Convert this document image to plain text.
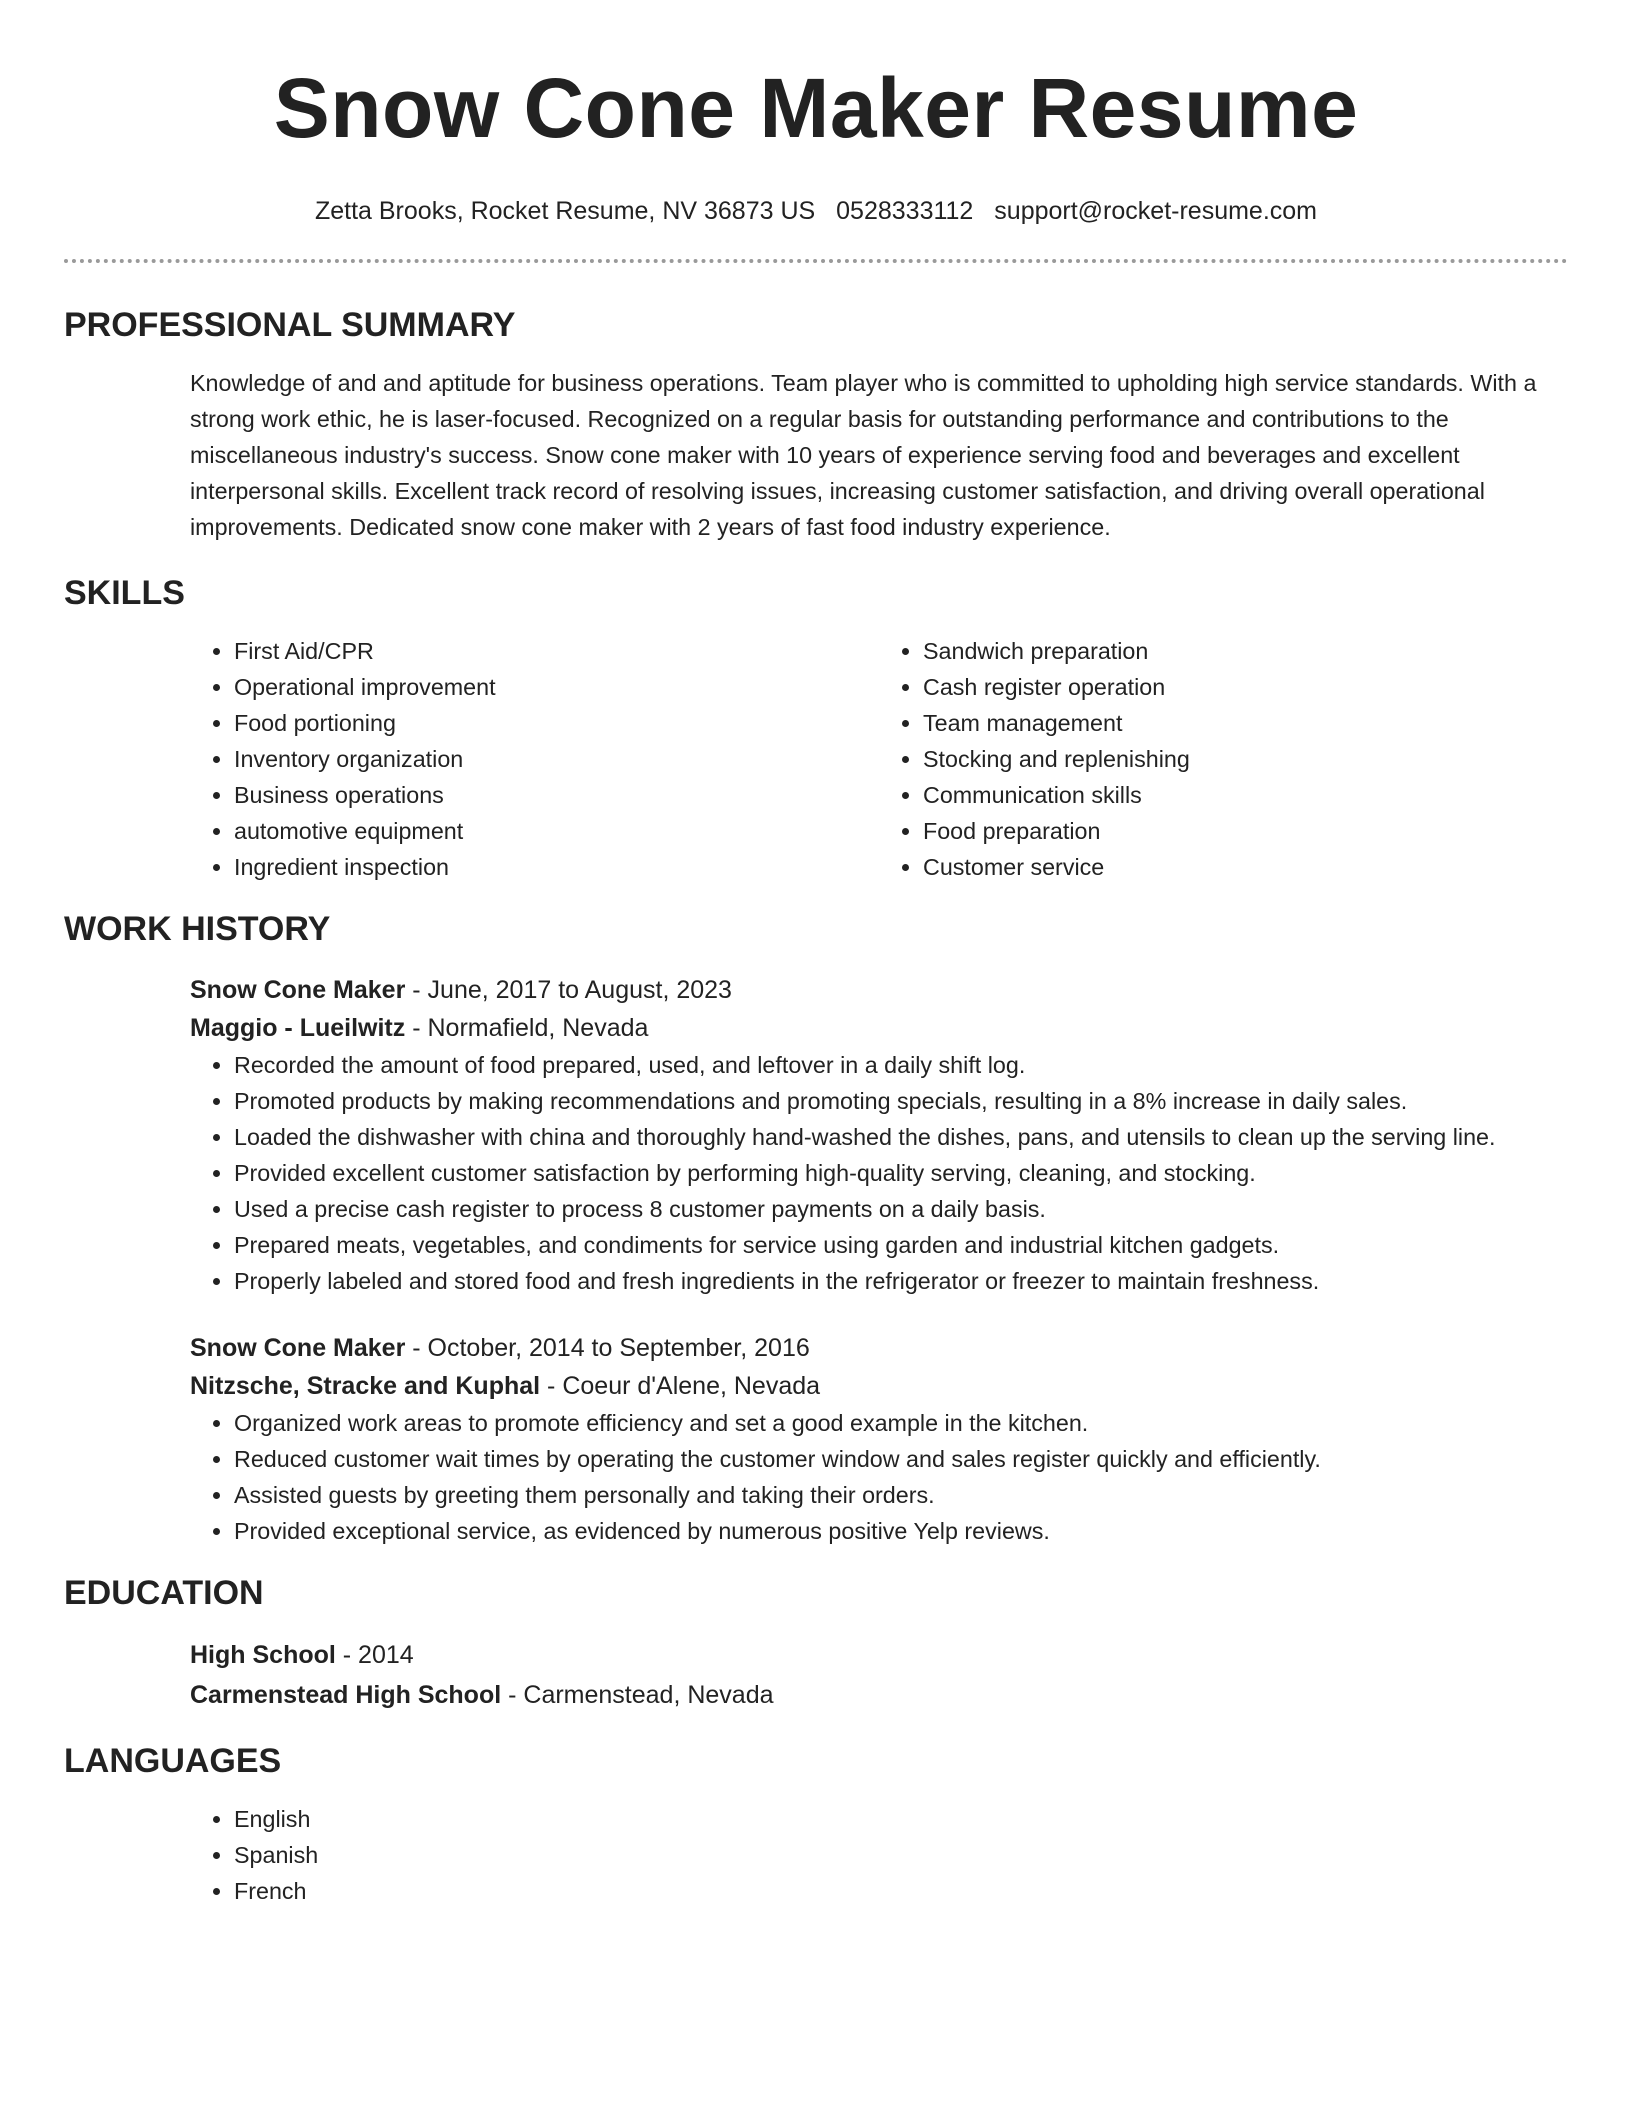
Snow Cone Maker Resume
Zetta Brooks, Rocket Resume, NV 36873 US 0528333112 support@rocket-resume.com
PROFESSIONAL SUMMARY

Knowledge of and and aptitude for business operations. Team player who is committed to upholding high service standards. With a strong work ethic, he is laser-focused. Recognized on a regular basis for outstanding performance and contributions to the miscellaneous industry's success. Snow cone maker with 10 years of experience serving food and beverages and excellent interpersonal skills. Excellent track record of resolving issues, increasing customer satisfaction, and driving overall operational improvements. Dedicated snow cone maker with 2 years of fast food industry experience.

SKILLS
• First Aid/CPR
• Operational improvement
• Food portioning
• Inventory organization
• Business operations
• automotive equipment
• Ingredient inspection
• Sandwich preparation
• Cash register operation
• Team management
• Stocking and replenishing
• Communication skills
• Food preparation
• Customer service
WORK HISTORY
Snow Cone Maker - June, 2017 to August, 2023
Maggio - Lueilwitz - Normafield, Nevada
• Recorded the amount of food prepared, used, and leftover in a daily shift log.
• Promoted products by making recommendations and promoting specials, resulting in a 8% increase in daily sales.
• Loaded the dishwasher with china and thoroughly hand-washed the dishes, pans, and utensils to clean up the serving line.
• Provided excellent customer satisfaction by performing high-quality serving, cleaning, and stocking.
• Used a precise cash register to process 8 customer payments on a daily basis.
• Prepared meats, vegetables, and condiments for service using garden and industrial kitchen gadgets.
• Properly labeled and stored food and fresh ingredients in the refrigerator or freezer to maintain freshness.
Snow Cone Maker - October, 2014 to September, 2016
Nitzsche, Stracke and Kuphal - Coeur d'Alene, Nevada
• Organized work areas to promote efficiency and set a good example in the kitchen.
• Reduced customer wait times by operating the customer window and sales register quickly and efficiently.
• Assisted guests by greeting them personally and taking their orders.
• Provided exceptional service, as evidenced by numerous positive Yelp reviews.
EDUCATION
High School - 2014
Carmenstead High School - Carmenstead, Nevada
LANGUAGES
• English
• Spanish
• French
